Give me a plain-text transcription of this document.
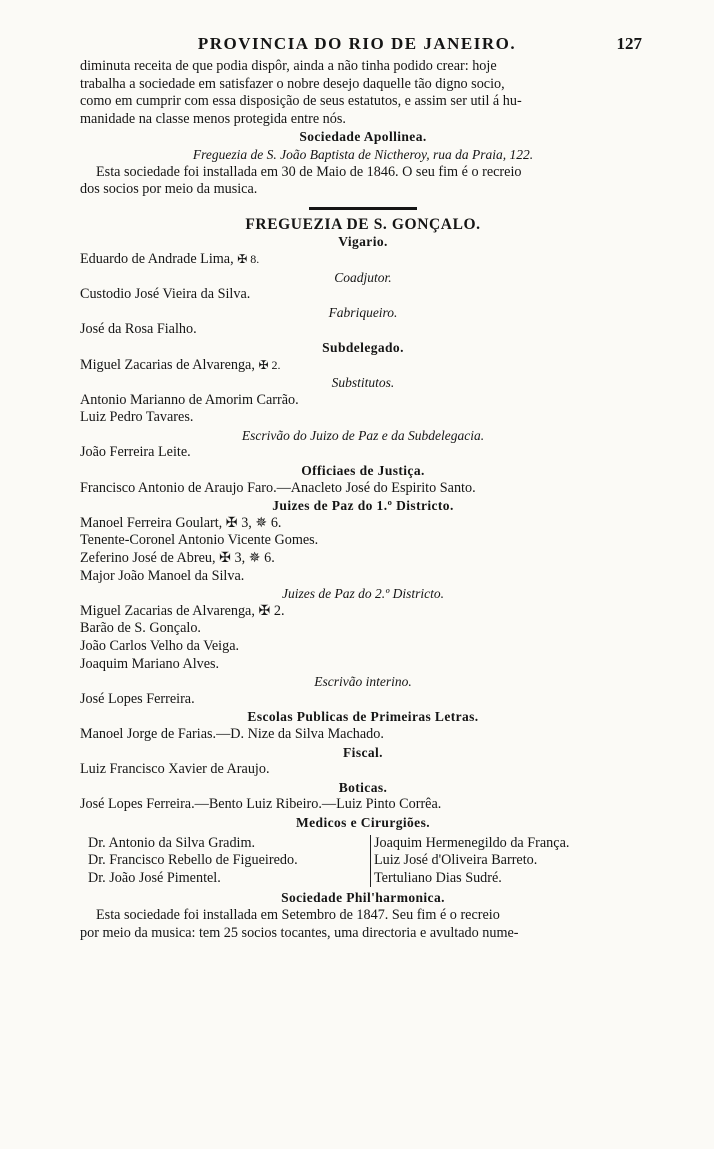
PROVINCIA DO RIO DE JANEIRO.	127

diminuta receita de que podia dispôr, ainda a não tinha podido crear: hoje

trabalha a sociedade em satisfazer o nobre desejo daquelle tão digno socio,

como em cumprir com essa disposição de seus estatutos, e assim ser util á hu-

manidade na classe menos protegida entre nós.

Sociedade Apollinea.

Freguezia de S. João Baptista de Nictheroy, rua da Praia, 122.

Esta sociedade foi installada em 30 de Maio de 1846. O seu fim é o recreio

dos socios por meio da musica.

FREGUEZIA DE S. GONÇALO.

Vigario.

Eduardo de Andrade Lima, ✠ 8.

Coadjutor.

Custodio José Vieira da Silva.

Fabriqueiro.

José da Rosa Fialho.

Subdelegado.

Miguel Zacarias de Alvarenga, ✠ 2.

Substitutos.

Antonio Marianno de Amorim Carrão.

Luiz Pedro Tavares.

Escrivão do Juizo de Paz e da Subdelegacia.

João Ferreira Leite.

Officiaes de Justiça.

Francisco Antonio de Araujo Faro.—Anacleto José do Espirito Santo.

Juizes de Paz do 1.º Districto.

Manoel Ferreira Goulart, ✠ 3, ✵ 6.

Tenente-Coronel Antonio Vicente Gomes.

Zeferino José de Abreu, ✠ 3, ✵ 6.

Major João Manoel da Silva.

Juizes de Paz do 2.º Districto.

Miguel Zacarias de Alvarenga, ✠ 2.

Barão de S. Gonçalo.

João Carlos Velho da Veiga.

Joaquim Mariano Alves.

Escrivão interino.

José Lopes Ferreira.

Escolas Publicas de Primeiras Letras.

Manoel Jorge de Farias.—D. Nize da Silva Machado.

Fiscal.

Luiz Francisco Xavier de Araujo.

Boticas.

José Lopes Ferreira.—Bento Luiz Ribeiro.—Luiz Pinto Corrêa.

Medicos e Cirurgiões.

Dr. Antonio da Silva Gradim.

Dr. Francisco Rebello de Figueiredo.

Dr. João José Pimentel.

Joaquim Hermenegildo da França.

Luiz José d'Oliveira Barreto.

Tertuliano Dias Sudré.

Sociedade Phil'harmonica.

Esta sociedade foi installada em Setembro de 1847. Seu fim é o recreio

por meio da musica: tem 25 socios tocantes, uma directoria e avultado nume-
